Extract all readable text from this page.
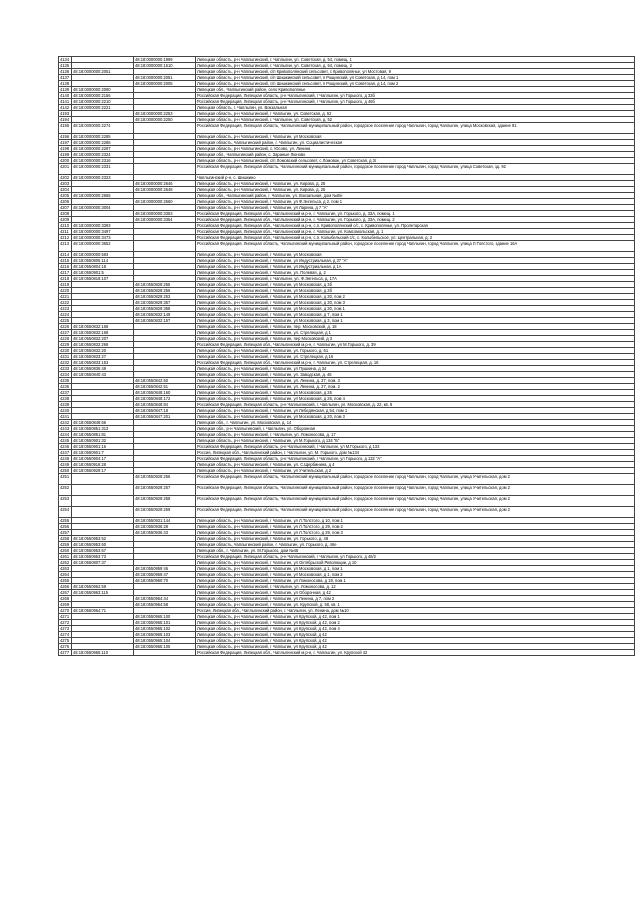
4134		48:18:0000000:1999	Липецкая область, р-н Чаплыгинский, г. Чаплыгин, ул. Советская, д. 54, помещ. 1
4135		48:18:0000000:1510	Липецкая область, р-н Чаплыгинский, г. Чаплыгин, ул. Советская, д. 54, помещ. 2
4136	48:18:0000000:2051		Липецкая область, р-н Чаплыгинский, с/п Кривополянский сельсовет, с Кривополянье, ул Мостовая, 9
4137		48:18:0000000:2051	Липецкая область, р-н Чаплыгинский, с/п Шишкинский сельсовет, п Рощинский, ул Советская, д 14, пом 1
4138		48:18:0000000:2005	Липецкая область, р-н Чаплыгинский, с/п Шишкинский сельсовет, п Рощинский, ул Советская, д 14, пом 2
4139	48:18:0000000:2090		Липецкая обл., Чаплыгинский район, село Кривополянье
4140	48:18:0000000:2156		Российская Федерация, Липецкая область, р-н Чаплыгинский, г Чаплыгин, ул Горького, д 33б
4141	48:18:0000000:2210		Российская Федерация, Липецкая область, р-н Чаплыгинский, г Чаплыгин, ул Горького, д 46б
4142	48:18:0000000:2221		Липецкая область, г. Чаплыгин, ул. Вокзальная
4193		48:18:0000000:2253	Липецкая область, р-н Чаплыгинский, г Чаплыгин, ул. Советская, д. 52
4194		48:18:0000000:2250	Липецкая область, р-н Чаплыгинский, г. Чаплыгин, ул. Советская, д. 52
4195	48:18:0000000:2274		Российская Федерация, Липецкая область, Чаплыгинский муниципальный район, городское поселение город Чаплыгин, город Чаплыгин, улица Московская, здание 91
4196	48:18:0000000:2285		Липецкая область, р-н Чаплыгинский, г Чаплыгин, ул Московская
4197	48:18:0000000:2286		Липецкая область, Чаплыгинский район, г. Чаплыгин, ул. Социалистическая
4198	48:18:0000000:2297		Липецкая область, р-н Чаплыгинский, с. Юсово, ул. Ленина
4199	48:18:0000000:2324		Липецкая обл., Чаплыгинский район, с. Зараные Люново
4200	48:18:0000000:2316		Липецкая область, р-н Чаплыгинский, с/п Ломовский сельсовет, с Ломовое, ул Советская, д 3г
4201	48:18:0000000:2331		Российская Федерация, Липецкая область, Чаплыгинский муниципальный район, городское поселение город Чаплыгин, город Чаплыгин, улица Советская, зд. 92
4202	48:18:0000000:2323		Чаплыгинский р-н, с. Шишкино
4203		48:18:0000000:2646	Липецкая область, р-н Чаплыгинский, г Чаплыгин, ул. Кирова, д. 25
4204		48:18:0000000:2648	Липецкая область, р-н Чаплыгинский, г Чаплыгин, ул. Кирова, д. 25
4205	48:18:0000000:2665		Липецкая обл., Чаплыгинский район, г. Чаплыгин, ул. Вокзальная, дом №8/н
4206		48:18:0000000:2660	Липецкая область, р-н Чаплыгинский, г Чаплыгин, ул Ф.Энгельса, д 2, пом 1
4207	48:18:0000000:3004		Липецкая область, р-н Чаплыгинский, г Чаплыгин, ул Ларина, д 7 "А"
4208		48:18:0000000:3353	Российская Федерация, Липецкая обл., Чаплыгинский м.р-н, г. Чаплыгин, ул. Горького, д. 33А, помещ. 1
4209		48:18:0000000:3354	Российская Федерация, Липецкая обл., Чаплыгинский м.р-н, г. Чаплыгин, ул. Горького, д. 33А, помещ. 2
4210	48:18:0000000:3393		Российская Федерация, Липецкая обл., Чаплыгинский м.р-н, с.п. Кривополянский с/с, с. Кривополянье, ул. Пролетарская
4211	48:18:0000000:3497		Российская Федерация, Липецкая обл., Чаплыгинский м.р-н, г. Чаплыгин, ул. Комсомольская, д. 1
4212	48:18:0000000:3473		Российская Федерация, Липецкая обл., Чаплыгинский м.р-н, с.п. Колыбельский с/с, с. Колыбельское, ул. Центральная, д. 2
4213	48:18:0000000:3652		Российская Федерация, Липецкая область, Чаплыгинский муниципальный район, городское поселение город Чаплыгин, город Чаплыгин, улица Л.Толстого, здание 16А
4214	48:18:0000000:593		Липецкая область, р-н Чаплыгинский, г Чаплыгин, ул Московская
4215	48:18:0550805:114		Липецкая область, р-н Чаплыгинский, г Чаплыгин, ул Индустриальная, д 37 "А"
4216	48:18:0550804:18		Липецкая область, р-н Чаплыгинский, г Чаплыгин, ул Индустриальная, д 1А
4217	48:18:0550901:5		Липецкая область, р-н Чаплыгинский, г Чаплыгин, ул. Полевая, д. 2
4218	48:18:0550818:107		Липецкая область, р-н Чаплыгинский, г. Чаплыгин, ул. Ф.Энгельса, д. 17А
4219		48:18:0550829:255	Липецкая область, р-н Чаплыгинский, г Чаплыгин, ул Московская, д 3б
4220		48:18:0550829:256	Липецкая область, р-н Чаплыгинский, г Чаплыгин, ул Московская, д 3б
4221		48:18:0550829:253	Липецкая область, р-н Чаплыгинский, г Чаплыгин, ул Московская, д 30, пом 2
4222		48:18:0550829:357	Липецкая область, р-н Чаплыгинский, г Чаплыгин, ул Московская, д 30, пом 3
4223		48:18:0550829:358	Липецкая область, р-н Чаплыгинский, г Чаплыгин, ул Московская, д 30, пом 1
4224		48:18:0550832:149	Липецкая область, р-н Чаплыгинский, г Чаплыгин, ул Московская, д 7, пом 1
4225		48:18:0550832:157	Липецкая область, р-н Чаплыгинский, г Чаплыгин, ул Московская, д 3, пом 1
4226	48:18:0550832:168		Липецкая область, р-н Чаплыгинский, г Чаплыгин, пер. Московский, д. 18
4227	48:18:0550832:168		Липецкая область, р-н Чаплыгинский, г Чаплыгин, ул. Стрелецкая, д 1
4228	48:18:0550832:207		Липецкая область, р-н Чаплыгинский, г Чаплыгин, пер Московский, д 3
4229	48:18:0550832:269		Российская Федерация, Липецкая обл., Чаплыгинский м.р-н, г. Чаплыгин, ул М.Горького, д. 39
4230	48:18:0550832:20		Липецкая область, р-н Чаплыгинский, г Чаплыгин, ул. Горького, д. 61
4231	48:18:0550833:27		Липецкая область, р-н Чаплыгинский, г Чаплыгин, ул. Стрелецкая, д 16
4232	48:18:0550833:153		Российская Федерация, Липецкая обл., Чаплыгинский м.р-н, г. Чаплыгин, ул. Стрелецкая, д. 16
4233	48:18:0550836:49		Липецкая область, р-н Чаплыгинский, г Чаплыгин, ул Пушкина, д 34
4234	48:18:0550840:43		Липецкая область, р-н Чаплыгинский, г Чаплыгин, ул. Заводская, д. 46
4235		48:18:0550842:50	Липецкая область, р-н Чаплыгинский, г Чаплыгин, ул. Ленина, д. 27, пом. 3
4236		48:18:0550842:51	Липецкая область, р-н Чаплыгинский, г Чаплыгин, ул. Ленина, д. 27, пом. 2
4237		48:18:0550848:160	Липецкая область, р-н Чаплыгинский, г Чаплыгин, ул Московская, д 26
4238		48:18:0550848:172	Липецкая область, р-н Чаплыгинский, г Чаплыгин, ул Московская, д 26, пом 4
4239		48:18:0550848:84	Российская Федерация, Липецкая область, р-н Чаплыгинский, г. Чаплыгин, ул. Московская, д. 22, кв. 8
4240		48:18:0550847:18	Липецкая область, р-н Чаплыгинский, г Чаплыгин, ул Лебедянская, д 54, пом 1
4241		48:18:0550847:201	Липецкая область, р-н Чаплыгинский, г Чаплыгин, ул Московская, д 20, пом 3
4242	48:18:0550848:66		Липецкая обл., г. Чаплыгин, ул. Московская, д. 14
4243	48:18:0550851:313		Липецкая обл., р-н Чаплыгинский, г. Чаплыгин, ул. Оборонная
4244	48:18:0550851:81		Липецкая область, р-н Чаплыгинский, г. Чаплыгин, ул. Ломоносова, д. 17
4245	48:18:0550901:32		Липецкая область, р-н Чаплыгинский, г Чаплыгин, ул М.Горького, д 134 "Б"
4246	48:18:0550901:16		Российская Федерация, Липецкая область, р-н Чаплыгинский, г Чаплыгин, ул М.Горького, д 133
4247	48:18:0550901:7		Россия, Липецкая обл., Чаплыгинский район, г. Чаплыгин, ул. М. Горького, дом №134
4248	48:18:0550904:17		Российская Федерация, Липецкая область, р-н Чаплыгинский, г Чаплыгин, ул Горького, д 132 "А"
4249	48:18:0550916:28		Липецкая область, р-н Чаплыгинский, г Чаплыгин, ул. С.Щербинина, д 4
4250	48:18:0550929:17		Липецкая область, р-н Чаплыгинский, г Чаплыгин, ул Учительская, д 2
4251		48:18:0550929:256	Российская Федерация, Липецкая область, Чаплыгинский муниципальный район, городское поселение город Чаплыгин, город Чаплыгин, улица Учительская, дом 2
4252		48:18:0550929:257	Российская Федерация, Липецкая область, Чаплыгинский муниципальный район, городское поселение город Чаплыгин, город Чаплыгин, улица Учительская, дом 2
4253		48:18:0550929:258	Российская Федерация, Липецкая область, Чаплыгинский муниципальный район, городское поселение город Чаплыгин, город Чаплыгин, улица Учительская, дом 2
4254		48:18:0550929:259	Российская Федерация, Липецкая область, Чаплыгинский муниципальный район, городское поселение город Чаплыгин, город Чаплыгин, улица Учительская, дом 2
4255		48:18:0550931:144	Липецкая область, р-н Чаплыгинский, г Чаплыгин, ул Л.Толстого, д 10, пом 1
4256		48:18:0550936:28	Липецкая область, р-н Чаплыгинский, г Чаплыгин, ул Л.Толстого, д 29, пом 2
4257		48:18:0550936:43	Липецкая область, р-н Чаплыгинский, г Чаплыгин, ул Л.Толстого, д 29, пом 3
4258	48:18:0550953:52		Липецкая область, р-н Чаплыгинский, г Чаплыгин, ул. Горького, д. 48
4259	48:18:0550953:60		Липецкая область, Чаплыгинский район, г. Чаплыгин, ул. Горького, д. 46е
4260	48:18:0550953:67		Липецкая обл., г. Чаплыгин, ул. М.Горького, дом №46
4261	48:18:0550953:73		Российская Федерация, Липецкая область, р-н Чаплыгинский, г Чаплыгин, ул Горького, д 46/2
4262	48:18:0550807:37		Липецкая область, р-н Чаплыгинский, г Чаплыгин, ул Октябрьской Революции, д 10
4263		48:18:0550959:46	Липецкая область, р-н Чаплыгинский, г Чаплыгин, ул Московская, д 1, пом 1
4264		48:18:0550959:47	Липецкая область, р-н Чаплыгинский, г Чаплыгин, ул Московская, д 1, пом 2
4265		48:18:0550960:70	Липецкая область, р-н Чаплыгинский, г Чаплыгин, ул Ломоносова, д 19, пом 1
4266	48:18:0550962:59		Липецкая область, р-н Чаплыгинский, г. Чаплыгин, ул. Ломоносова, д. 12
4267	48:18:0550963:115		Липецкая область, р-н Чаплыгинский, г Чаплыгин, ул Оборонная, д 42
4268		48:18:0550964:44	Липецкая область, р-н Чаплыгинский, г Чаплыгин, ул Ленина, д 7, пом 2
4269		48:18:0550964:58	Липецкая область, р-н Чаплыгинский, г Чаплыгин, ул. Крупской, д. 58, кв. 1
4270	48:18:0550964:71		Россия, Липецкая обл., Чаплыгинский район, г. Чаплыгин, ул. Ленина, дом №10
4271		48:18:0550965:100	Липецкая область, р-н Чаплыгинский, г Чаплыгин, ул Крупской, д 42, пом 1
4272		48:18:0550965:101	Липецкая область, р-н Чаплыгинский, г Чаплыгин, ул Крупской, д 42, пом 2
4273		48:18:0550965:102	Липецкая область, р-н Чаплыгинский, г Чаплыгин, ул Крупской, д 42, пом 4
4274		48:18:0550965:103	Липецкая область, р-н Чаплыгинский, г Чаплыгин, ул Крупской, д 42
4275		48:18:0550965:104	Липецкая область, р-н Чаплыгинский, г Чаплыгин, ул Крупской, д 42
4276		48:18:0550965:105	Липецкая область, р-н Чаплыгинский, г Чаплыгин, ул Крупской, д 42
4277	48:18:0550965:110		Российская Федерация, Липецкая обл., Чаплыгинский м.р-н, г. Чаплыгин, ул. Крупской 42
